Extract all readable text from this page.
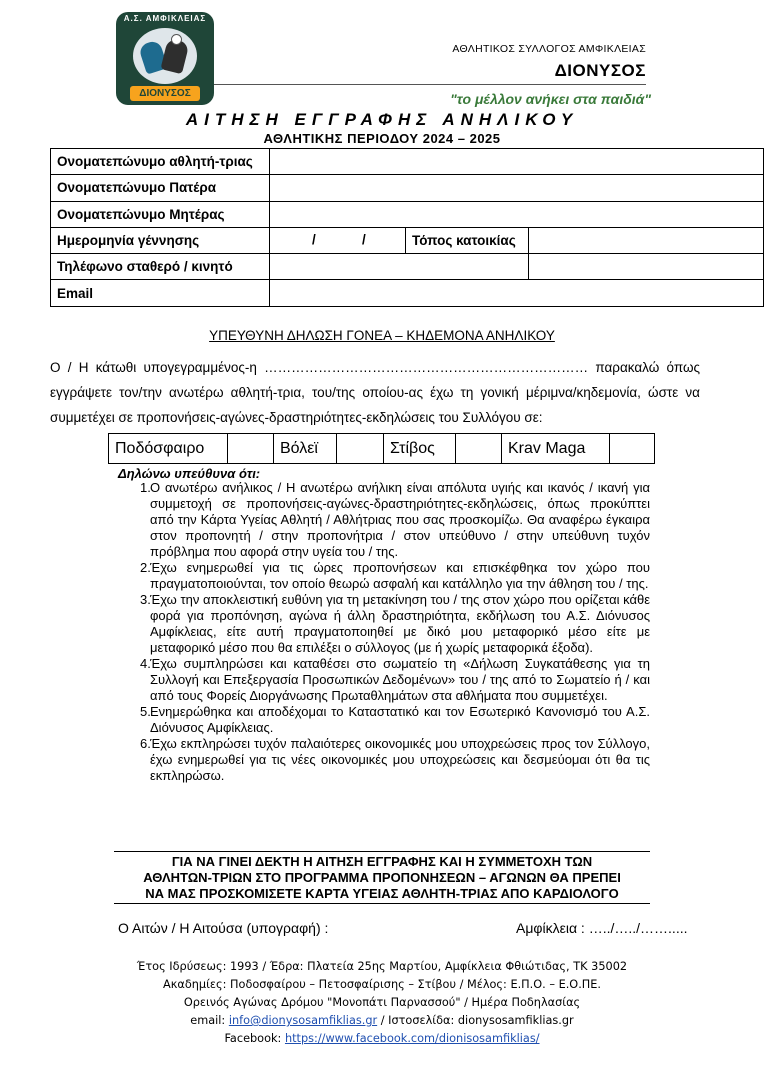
Α.Σ. ΑΜΦΙΚΛΕΙΑΣ
ΔΙΟΝΥΣΟΣ
ΑΘΛΗΤΙΚΟΣ ΣΥΛΛΟΓΟΣ ΑΜΦΙΚΛΕΙΑΣ
ΔΙΟΝΥΣΟΣ
"το μέλλον ανήκει στα παιδιά"
ΑΙΤΗΣΗ ΕΓΓΡΑΦΗΣ ΑΝΗΛΙΚΟΥ
ΑΘΛΗΤΙΚΗΣ ΠΕΡΙΟΔΟΥ 2024 – 2025
Ονοματεπώνυμο αθλητή-τριας			
Ονοματεπώνυμο Πατέρα			
Ονοματεπώνυμο Μητέρας			
Ημερομηνία γέννησης	/ /	Τόπος κατοικίας	
Τηλέφωνο σταθερό / κινητό			
Email			
ΥΠΕΥΘΥΝΗ ΔΗΛΩΣΗ ΓΟΝΕΑ – ΚΗΔΕΜΟΝΑ ΑΝΗΛΙΚΟΥ
Ο / Η κάτωθι υπογεγραμμένος-η ……………………………………………………………… παρακαλώ όπως εγγράψετε τον/την ανωτέρω αθλητή-τρια, του/της οποίου-ας έχω τη γονική μέριμνα/κηδεμονία, ώστε να συμμετέχει σε προπονήσεις-αγώνες-δραστηριότητες-εκδηλώσεις του Συλλόγου σε:
Ποδόσφαιρο		Βόλεϊ		Στίβος		Krav Maga	
Δηλώνω υπεύθυνα ότι:
1. Ο ανωτέρω ανήλικος / Η ανωτέρω ανήλικη είναι απόλυτα υγιής και ικανός / ικανή για συμμετοχή σε προπονήσεις-αγώνες-δραστηριότητες-εκδηλώσεις, όπως προκύπτει από την Κάρτα Υγείας Αθλητή / Αθλήτριας που σας προσκομίζω. Θα αναφέρω έγκαιρα στον προπονητή / στην προπονήτρια / στον υπεύθυνο / στην υπεύθυνη τυχόν πρόβλημα που αφορά στην υγεία του / της.
2. Έχω ενημερωθεί για τις ώρες προπονήσεων και επισκέφθηκα τον χώρο που πραγματοποιούνται, τον οποίο θεωρώ ασφαλή και κατάλληλο για την άθληση του / της.
3. Έχω την αποκλειστική ευθύνη για τη μετακίνηση του / της στον χώρο που ορίζεται κάθε φορά για προπόνηση, αγώνα ή άλλη δραστηριότητα, εκδήλωση του Α.Σ. Διόνυσος Αμφίκλειας, είτε αυτή πραγματοποιηθεί με δικό μου μεταφορικό μέσο είτε με μεταφορικό μέσο που θα επιλέξει ο σύλλογος (με ή χωρίς μεταφορικά έξοδα).
4. Έχω συμπληρώσει και καταθέσει στο σωματείο τη «Δήλωση Συγκατάθεσης για τη Συλλογή και Επεξεργασία Προσωπικών Δεδομένων» του / της από το Σωματείο ή / και από τους Φορείς Διοργάνωσης Πρωταθλημάτων στα αθλήματα που συμμετέχει.
5. Ενημερώθηκα και αποδέχομαι το Καταστατικό και τον Εσωτερικό Κανονισμό του Α.Σ. Διόνυσος Αμφίκλειας.
6. Έχω εκπληρώσει τυχόν παλαιότερες οικονομικές μου υποχρεώσεις προς τον Σύλλογο, έχω ενημερωθεί για τις νέες οικονομικές μου υποχρεώσεις και δεσμεύομαι ότι θα τις εκπληρώσω.
ΓΙΑ ΝΑ ΓΙΝΕΙ ΔΕΚΤΗ Η ΑΙΤΗΣΗ ΕΓΓΡΑΦΗΣ ΚΑΙ Η ΣΥΜΜΕΤΟΧΗ ΤΩΝ
ΑΘΛΗΤΩΝ-ΤΡΙΩΝ ΣΤΟ ΠΡΟΓΡΑΜΜΑ ΠΡΟΠΟΝΗΣΕΩΝ – ΑΓΩΝΩΝ ΘΑ ΠΡΕΠΕΙ
ΝΑ ΜΑΣ ΠΡΟΣΚΟΜΙΣΕΤΕ ΚΑΡΤΑ ΥΓΕΙΑΣ ΑΘΛΗΤΗ-ΤΡΙΑΣ ΑΠΟ ΚΑΡΔΙΟΛΟΓΟ
Ο Αιτών / Η Αιτούσα (υπογραφή) :	Αμφίκλεια : …../…../…….....
Έτος Ιδρύσεως: 1993 / Έδρα: Πλατεία 25ης Μαρτίου, Αμφίκλεια Φθιώτιδας, ΤΚ 35002
Ακαδημίες: Ποδοσφαίρου – Πετοσφαίρισης – Στίβου / Μέλος: Ε.Π.Ο. – Ε.Ο.ΠΕ.
Ορεινός Αγώνας Δρόμου "Μονοπάτι Παρνασσού" / Ημέρα Ποδηλασίας
email: info@dionysosamfiklias.gr / Ιστοσελίδα: dionysosamfiklias.gr
Facebook: https://www.facebook.com/dionisosamfiklias/
